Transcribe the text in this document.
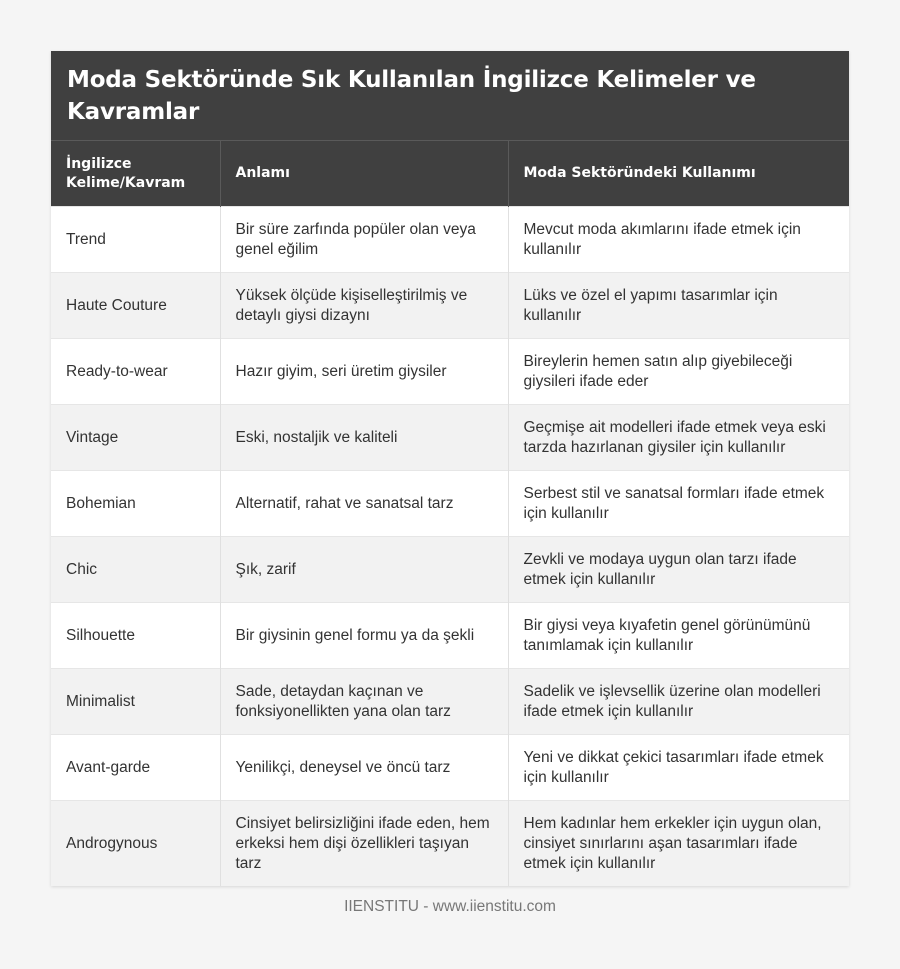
Moda Sektöründe Sık Kullanılan İngilizce Kelimeler ve Kavramlar
İngilizce Kelime/Kavram	Anlamı	Moda Sektöründeki Kullanımı
Trend	Bir süre zarfında popüler olan veya genel eğilim	Mevcut moda akımlarını ifade etmek için kullanılır
Haute Couture	Yüksek ölçüde kişiselleştirilmiş ve detaylı giysi dizaynı	Lüks ve özel el yapımı tasarımlar için kullanılır
Ready-to-wear	Hazır giyim, seri üretim giysiler	Bireylerin hemen satın alıp giyebileceği giysileri ifade eder
Vintage	Eski, nostaljik ve kaliteli	Geçmişe ait modelleri ifade etmek veya eski tarzda hazırlanan giysiler için kullanılır
Bohemian	Alternatif, rahat ve sanatsal tarz	Serbest stil ve sanatsal formları ifade etmek için kullanılır
Chic	Şık, zarif	Zevkli ve modaya uygun olan tarzı ifade etmek için kullanılır
Silhouette	Bir giysinin genel formu ya da şekli	Bir giysi veya kıyafetin genel görünümünü tanımlamak için kullanılır
Minimalist	Sade, detaydan kaçınan ve fonksiyonellikten yana olan tarz	Sadelik ve işlevsellik üzerine olan modelleri ifade etmek için kullanılır
Avant-garde	Yenilikçi, deneysel ve öncü tarz	Yeni ve dikkat çekici tasarımları ifade etmek için kullanılır
Androgynous	Cinsiyet belirsizliğini ifade eden, hem erkeksi hem dişi özellikleri taşıyan tarz	Hem kadınlar hem erkekler için uygun olan, cinsiyet sınırlarını aşan tasarımları ifade etmek için kullanılır
IIENSTITU - www.iienstitu.com
